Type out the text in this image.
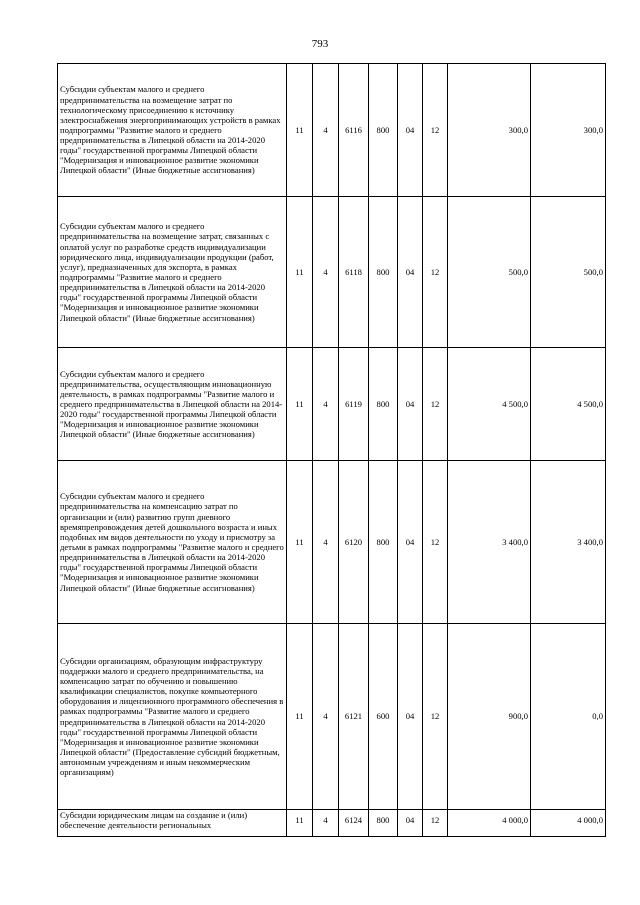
793
Субсидии субъектам малого и среднего предпринимательства на возмещение затрат по технологическому присоединению к источнику электроснабжения энергопринимающих устройств в рамках подпрограммы "Развитие малого и среднего предпринимательства в Липецкой области на 2014-2020 годы" государственной программы Липецкой области "Модернизация и инновационное развитие экономики Липецкой области" (Иные бюджетные ассигнования)	11	4	6116	800	04	12	300,0	300,0
Субсидии субъектам малого и среднего предпринимательства на возмещение затрат, связанных с оплатой услуг по разработке средств индивидуализации юридического лица, индивидуализации продукции (работ, услуг), предназначенных для экспорта, в рамках подпрограммы "Развитие малого и среднего предпринимательства в Липецкой области на 2014-2020 годы" государственной программы Липецкой области "Модернизация и инновационное развитие экономики Липецкой области" (Иные бюджетные ассигнования)	11	4	6118	800	04	12	500,0	500,0
Субсидии субъектам малого и среднего предпринимательства, осуществляющим инновационную деятельность, в рамках подпрограммы "Развитие малого и среднего предпринимательства в Липецкой области на 2014-2020 годы" государственной программы Липецкой области "Модернизация и инновационное развитие экономики Липецкой области" (Иные бюджетные ассигнования)	11	4	6119	800	04	12	4 500,0	4 500,0
Субсидии субъектам малого и среднего предпринимательства на компенсацию затрат по организации и (или) развитию групп дневного времяпрепровождения детей дошкольного возраста и иных подобных им видов деятельности по уходу и присмотру за детьми в рамках подпрограммы "Развитие малого и среднего предпринимательства в Липецкой области на 2014-2020 годы" государственной программы Липецкой области "Модернизация и инновационное развитие экономики Липецкой области" (Иные бюджетные ассигнования)	11	4	6120	800	04	12	3 400,0	3 400,0
Субсидии организациям, образующим инфраструктуру поддержки малого и среднего предпринимательства, на компенсацию затрат по обучению и повышению квалификации специалистов, покупке компьютерного оборудования и лицензионного программного обеспечения в рамках подпрограммы "Развитие малого и среднего предпринимательства в Липецкой области на 2014-2020 годы" государственной программы Липецкой области "Модернизация и инновационное развитие экономики Липецкой области" (Предоставление субсидий бюджетным, автономным учреждениям и иным некоммерческим организациям)	11	4	6121	600	04	12	900,0	0,0
Субсидии юридическим лицам на создание и (или) обеспечение деятельности региональных	11	4	6124	800	04	12	4 000,0	4 000,0
